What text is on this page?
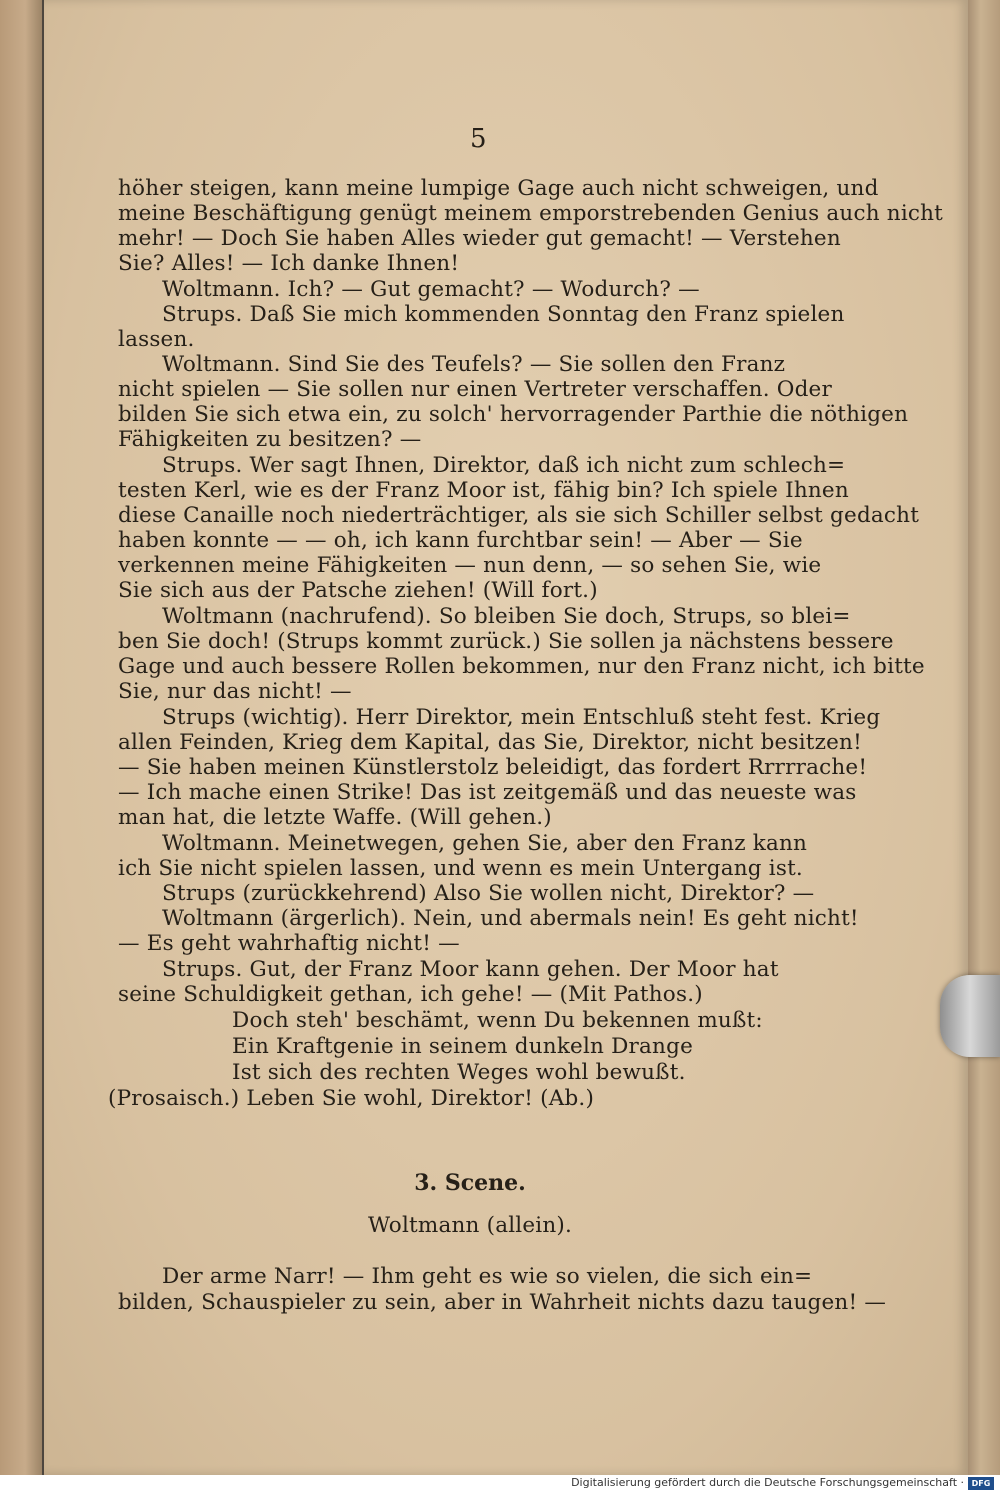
5
höher steigen, kann meine lumpige Gage auch nicht schweigen, und
meine Beschäftigung genügt meinem emporstrebenden Genius auch nicht
mehr! — Doch Sie haben Alles wieder gut gemacht! — Verstehen
Sie? Alles! — Ich danke Ihnen!
Woltmann. Ich? — Gut gemacht? — Wodurch? —
Strups. Daß Sie mich kommenden Sonntag den Franz spielen
lassen.
Woltmann. Sind Sie des Teufels? — Sie sollen den Franz
nicht spielen — Sie sollen nur einen Vertreter verschaffen. Oder
bilden Sie sich etwa ein, zu solch' hervorragender Parthie die nöthigen
Fähigkeiten zu besitzen? —
Strups. Wer sagt Ihnen, Direktor, daß ich nicht zum schlech=
testen Kerl, wie es der Franz Moor ist, fähig bin? Ich spiele Ihnen
diese Canaille noch niederträchtiger, als sie sich Schiller selbst gedacht
haben konnte — — oh, ich kann furchtbar sein! — Aber — Sie
verkennen meine Fähigkeiten — nun denn, — so sehen Sie, wie
Sie sich aus der Patsche ziehen! (Will fort.)
Woltmann (nachrufend). So bleiben Sie doch, Strups, so blei=
ben Sie doch! (Strups kommt zurück.) Sie sollen ja nächstens bessere
Gage und auch bessere Rollen bekommen, nur den Franz nicht, ich bitte
Sie, nur das nicht! —
Strups (wichtig). Herr Direktor, mein Entschluß steht fest. Krieg
allen Feinden, Krieg dem Kapital, das Sie, Direktor, nicht besitzen!
— Sie haben meinen Künstlerstolz beleidigt, das fordert Rrrrrache!
— Ich mache einen Strike! Das ist zeitgemäß und das neueste was
man hat, die letzte Waffe. (Will gehen.)
Woltmann. Meinetwegen, gehen Sie, aber den Franz kann
ich Sie nicht spielen lassen, und wenn es mein Untergang ist.
Strups (zurückkehrend) Also Sie wollen nicht, Direktor? —
Woltmann (ärgerlich). Nein, und abermals nein! Es geht nicht!
— Es geht wahrhaftig nicht! —
Strups. Gut, der Franz Moor kann gehen. Der Moor hat
seine Schuldigkeit gethan, ich gehe! — (Mit Pathos.)
Doch steh' beschämt, wenn Du bekennen mußt:
Ein Kraftgenie in seinem dunkeln Drange
Ist sich des rechten Weges wohl bewußt.
(Prosaisch.) Leben Sie wohl, Direktor! (Ab.)
3. Scene.
Woltmann (allein).
Der arme Narr! — Ihm geht es wie so vielen, die sich ein=
bilden, Schauspieler zu sein, aber in Wahrheit nichts dazu taugen! —
Digitalisierung gefördert durch die Deutsche Forschungsgemeinschaft · DFG
